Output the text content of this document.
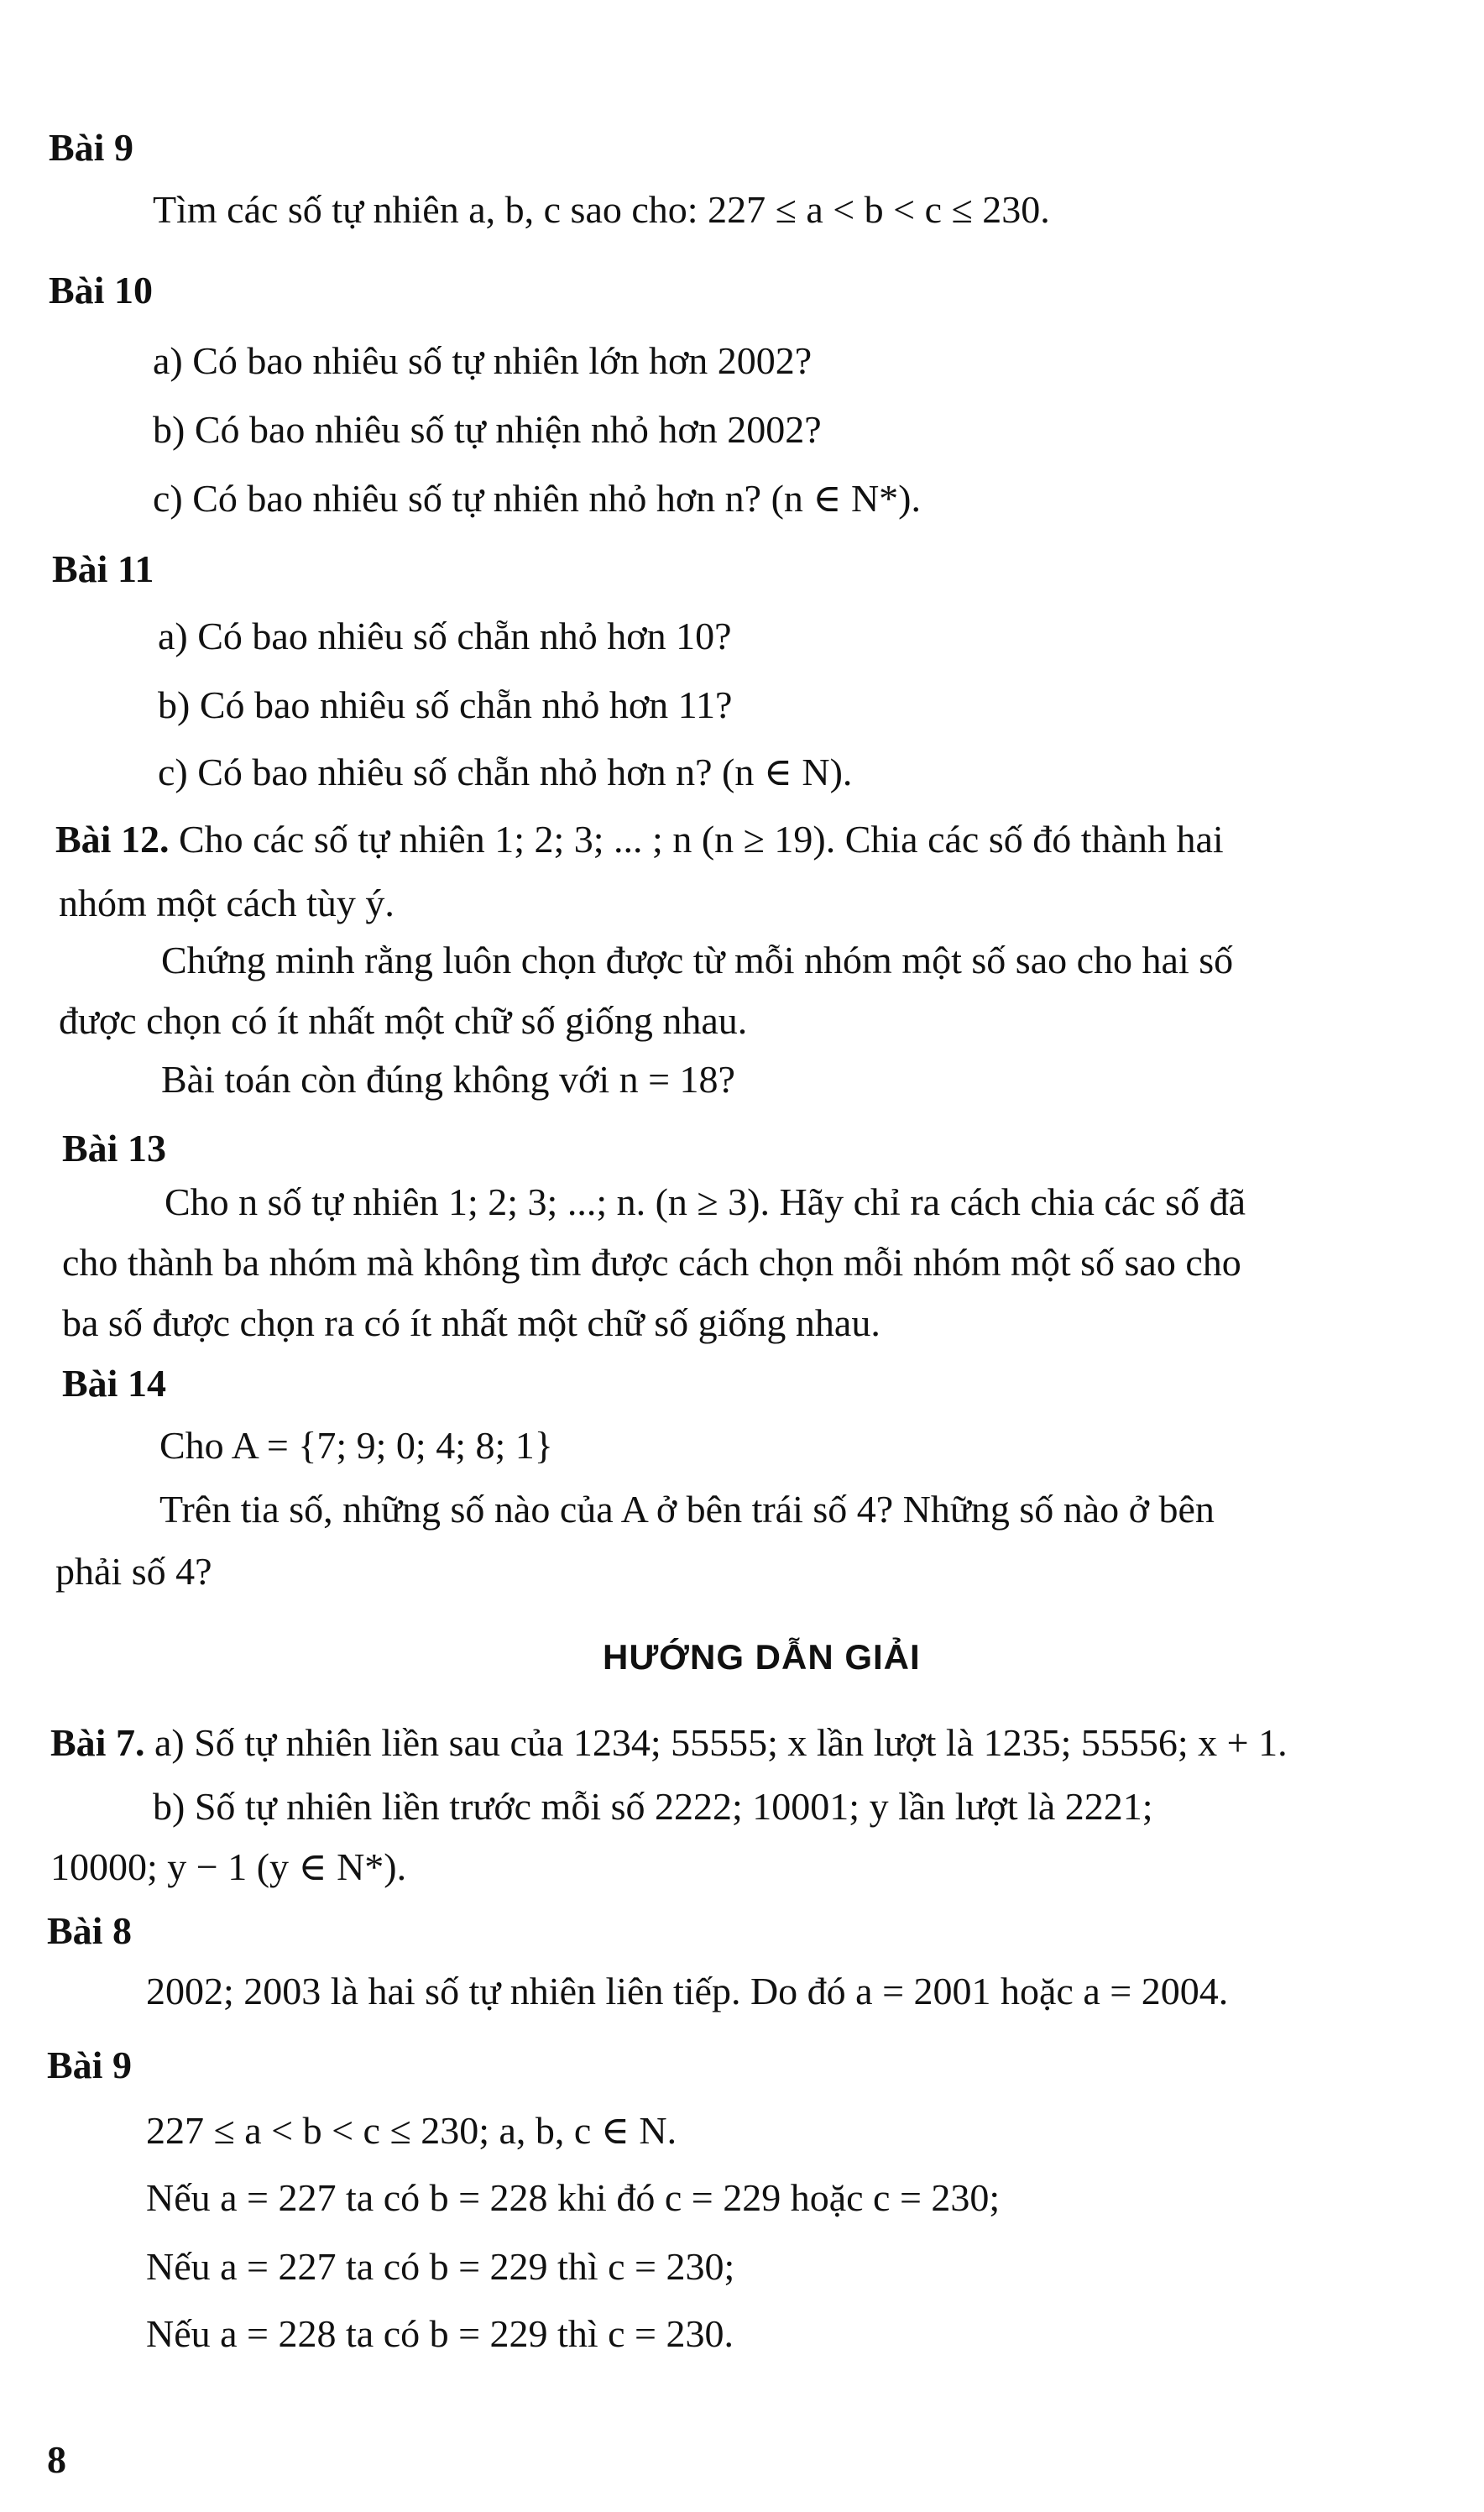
Bài 9
Tìm các số tự nhiên a, b, c sao cho: 227 ≤ a < b < c ≤ 230.
Bài 10
a) Có bao nhiêu số tự nhiên lớn hơn 2002?
b) Có bao nhiêu số tự nhiện nhỏ hơn 2002?
c) Có bao nhiêu số tự nhiên nhỏ hơn n? (n ∈ N*).
Bài 11
a) Có bao nhiêu số chẵn nhỏ hơn 10?
b) Có bao nhiêu số chẵn nhỏ hơn 11?
c) Có bao nhiêu số chẵn nhỏ hơn n? (n ∈ N).
Bài 12. Cho các số tự nhiên 1; 2; 3; ... ; n (n ≥ 19). Chia các số đó thành hai
nhóm một cách tùy ý.
Chứng minh rằng luôn chọn được từ mỗi nhóm một số sao cho hai số
được chọn có ít nhất một chữ số giống nhau.
Bài toán còn đúng không với n = 18?
Bài 13
Cho n số tự nhiên 1; 2; 3; ...; n. (n ≥ 3). Hãy chỉ ra cách chia các số đã
cho thành ba nhóm mà không tìm được cách chọn mỗi nhóm một số sao cho
ba số được chọn ra có ít nhất một chữ số giống nhau.
Bài 14
Cho A = {7; 9; 0; 4; 8; 1}
Trên tia số, những số nào của A ở bên trái số 4? Những số nào ở bên
phải số 4?
HƯỚNG DẪN GIẢI
Bài 7. a) Số tự nhiên liền sau của 1234; 55555; x lần lượt là 1235; 55556; x + 1.
b) Số tự nhiên liền trước mỗi số 2222; 10001; y lần lượt là 2221;
10000; y − 1 (y ∈ N*).
Bài 8
2002; 2003 là hai số tự nhiên liên tiếp. Do đó a = 2001 hoặc a = 2004.
Bài 9
227 ≤ a < b < c ≤ 230; a, b, c ∈ N.
Nếu a = 227 ta có b = 228 khi đó c = 229 hoặc c = 230;
Nếu a = 227 ta có b = 229 thì c = 230;
Nếu a = 228 ta có b = 229 thì c = 230.
8
